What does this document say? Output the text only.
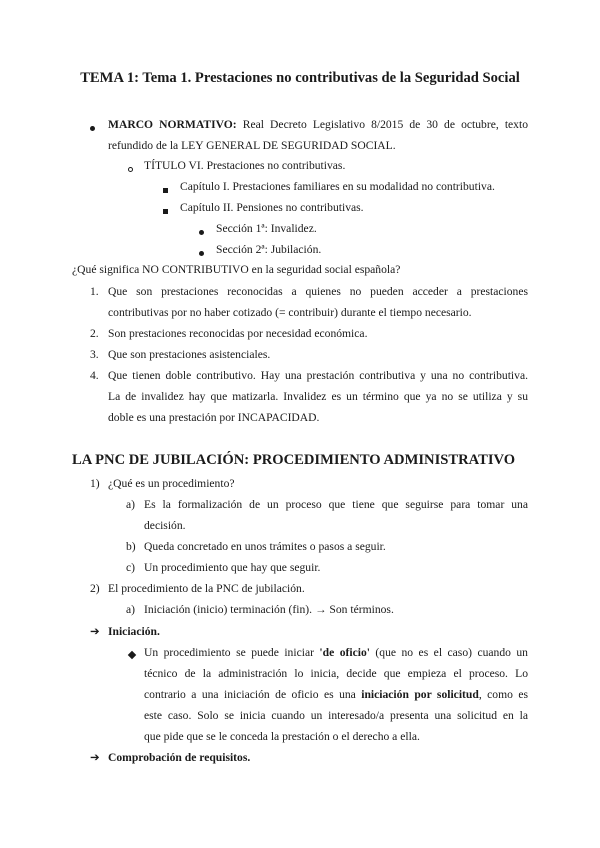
TEMA 1: Tema 1. Prestaciones no contributivas de la Seguridad Social
MARCO NORMATIVO: Real Decreto Legislativo 8/2015 de 30 de octubre, texto
refundido de la LEY GENERAL DE SEGURIDAD SOCIAL.
TÍTULO VI. Prestaciones no contributivas.
Capítulo I. Prestaciones familiares en su modalidad no contributiva.
Capítulo II. Pensiones no contributivas.
Sección 1ª: Invalidez.
Sección 2ª: Jubilación.
¿Qué significa NO CONTRIBUTIVO en la seguridad social española?
1. Que son prestaciones reconocidas a quienes no pueden acceder a prestaciones
contributivas por no haber cotizado (= contribuir) durante el tiempo necesario.
2. Son prestaciones reconocidas por necesidad económica.
3. Que son prestaciones asistenciales.
4. Que tienen doble contributivo. Hay una prestación contributiva y una no contributiva.
La de invalidez hay que matizarla. Invalidez es un término que ya no se utiliza y su
doble es una prestación por INCAPACIDAD.
LA PNC DE JUBILACIÓN: PROCEDIMIENTO ADMINISTRATIVO
1) ¿Qué es un procedimiento?
a) Es la formalización de un proceso que tiene que seguirse para tomar una
decisión.
b) Queda concretado en unos trámites o pasos a seguir.
c) Un procedimiento que hay que seguir.
2) El procedimiento de la PNC de jubilación.
a) Iniciación (inicio) terminación (fin). → Son términos.
➔ Iniciación.
Un procedimiento se puede iniciar 'de oficio' (que no es el caso) cuando un
técnico de la administración lo inicia, decide que empieza el proceso. Lo
contrario a una iniciación de oficio es una iniciación por solicitud, como es
este caso. Solo se inicia cuando un interesado/a presenta una solicitud en la
que pide que se le conceda la prestación o el derecho a ella.
➔ Comprobación de requisitos.
